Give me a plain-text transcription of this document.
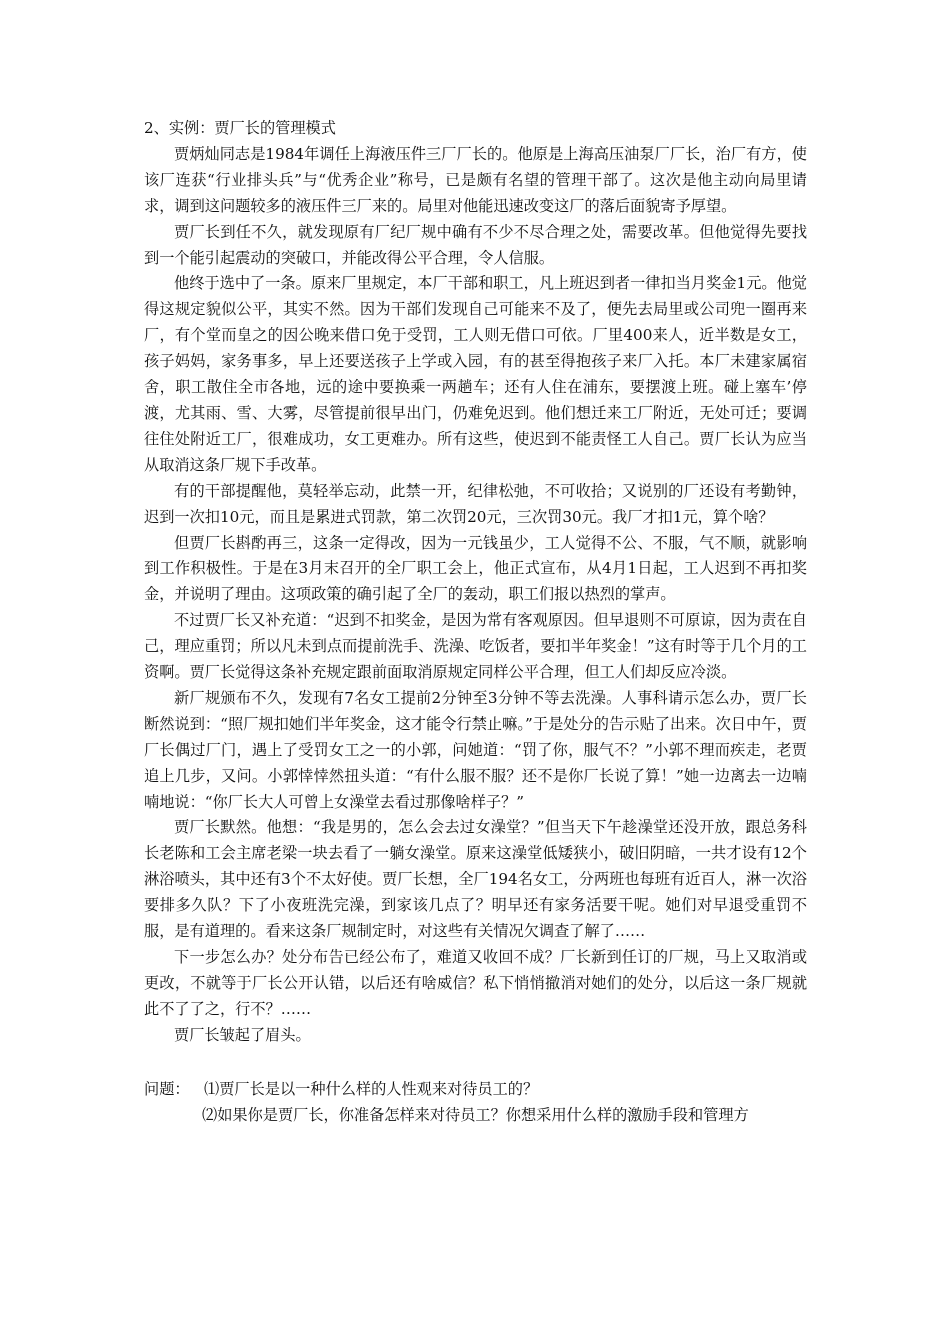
2、实例：贾厂长的管理模式

贾炳灿同志是1984年调任上海液压件三厂厂长的。他原是上海高压油泵厂厂长，治厂有方，使该厂连获“行业排头兵”与“优秀企业”称号，已是颇有名望的管理干部了。这次是他主动向局里请求，调到这问题较多的液压件三厂来的。局里对他能迅速改变这厂的落后面貌寄予厚望。

贾厂长到任不久，就发现原有厂纪厂规中确有不少不尽合理之处，需要改革。但他觉得先要找到一个能引起震动的突破口，并能改得公平合理，令人信服。

他终于选中了一条。原来厂里规定，本厂干部和职工，凡上班迟到者一律扣当月奖金1元。他觉得这规定貌似公平，其实不然。因为干部们发现自己可能来不及了，便先去局里或公司兜一圈再来厂，有个堂而皇之的因公晚来借口免于受罚，工人则无借口可依。厂里400来人，近半数是女工，孩子妈妈，家务事多，早上还要送孩子上学或入园，有的甚至得抱孩子来厂入托。本厂未建家属宿舍，职工散住全市各地，远的途中要换乘一两趟车；还有人住在浦东，要摆渡上班。碰上塞车’停渡，尤其雨、雪、大雾，尽管提前很早出门，仍难免迟到。他们想迁来工厂附近，无处可迁；要调往住处附近工厂，很难成功，女工更难办。所有这些，使迟到不能责怪工人自己。贾厂长认为应当从取消这条厂规下手改革。

有的干部提醒他，莫轻举忘动，此禁一开，纪律松弛，不可收拾；又说别的厂还设有考勤钟，迟到一次扣10元，而且是累进式罚款，第二次罚20元，三次罚30元。我厂才扣1元，算个啥？

但贾厂长斟酌再三，这条一定得改，因为一元钱虽少，工人觉得不公、不服，气不顺，就影响到工作积极性。于是在3月末召开的全厂职工会上，他正式宣布，从4月1日起，工人迟到不再扣奖金，并说明了理由。这项政策的确引起了全厂的轰动，职工们报以热烈的掌声。

不过贾厂长又补充道：“迟到不扣奖金，是因为常有客观原因。但早退则不可原谅，因为责在自己，理应重罚；所以凡未到点而提前洗手、洗澡、吃饭者，要扣半年奖金！”这有时等于几个月的工资啊。贾厂长觉得这条补充规定跟前面取消原规定同样公平合理，但工人们却反应冷淡。

新厂规颁布不久，发现有7名女工提前2分钟至3分钟不等去洗澡。人事科请示怎么办，贾厂长断然说到：“照厂规扣她们半年奖金，这才能令行禁止嘛。”于是处分的告示贴了出来。次日中午，贾厂长偶过厂门，遇上了受罚女工之一的小郭，问她道：“罚了你，服气不？”小郭不理而疾走，老贾追上几步，又问。小郭悻悻然扭头道：“有什么服不服？还不是你厂长说了算！”她一边离去一边喃喃地说：“你厂长大人可曾上女澡堂去看过那像啥样子？”

贾厂长默然。他想：“我是男的，怎么会去过女澡堂？”但当天下午趁澡堂还没开放，跟总务科长老陈和工会主席老梁一块去看了一躺女澡堂。原来这澡堂低矮狭小，破旧阴暗，一共才设有12个淋浴喷头，其中还有3个不太好使。贾厂长想，全厂194名女工，分两班也每班有近百人，淋一次浴要排多久队？下了小夜班洗完澡，到家该几点了？明早还有家务活要干呢。她们对早退受重罚不服，是有道理的。看来这条厂规制定时，对这些有关情况欠调查了解了……

下一步怎么办？处分布告已经公布了，难道又收回不成？厂长新到任订的厂规，马上又取消或更改，不就等于厂长公开认错，以后还有啥威信？私下悄悄撤消对她们的处分，以后这一条厂规就此不了了之，行不？……

贾厂长皱起了眉头。

问题： ⑴贾厂长是以一种什么样的人性观来对待员工的？
⑵如果你是贾厂长，你准备怎样来对待员工？你想采用什么样的激励手段和管理方
